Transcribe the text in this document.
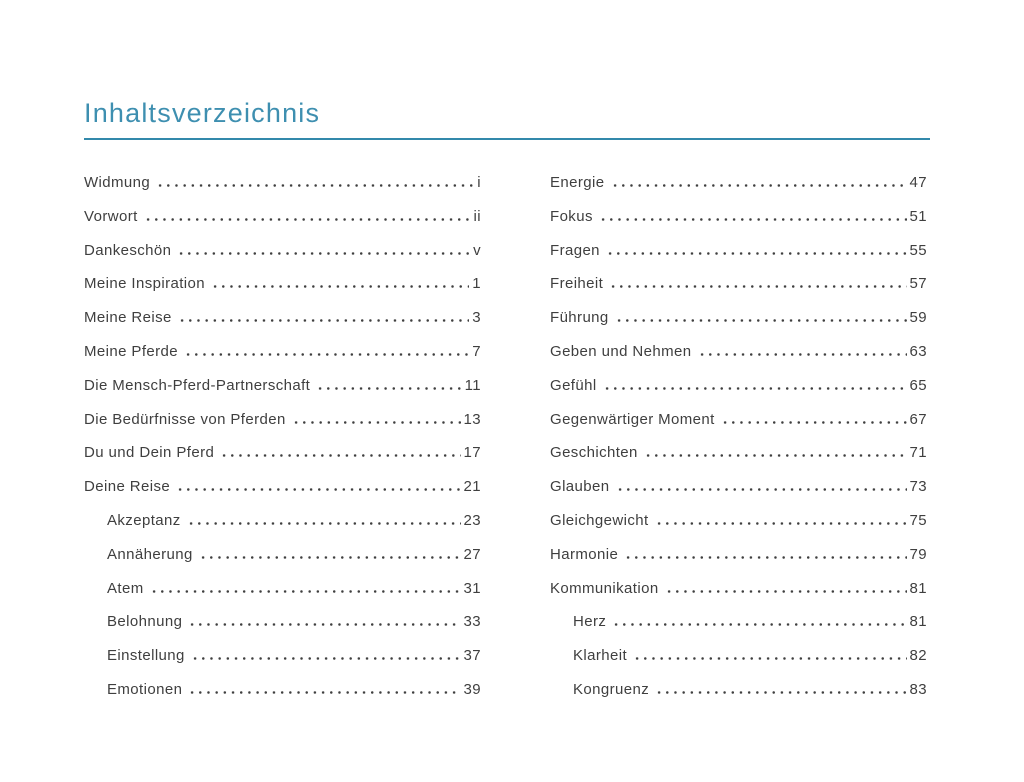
Inhaltsverzeichnis
Widmung	i
Vorwort	ii
Dankeschön	v
Meine Inspiration	1
Meine Reise	3
Meine Pferde	7
Die Mensch-Pferd-Partnerschaft	11
Die Bedürfnisse von Pferden	13
Du und Dein Pferd	17
Deine Reise	21
Akzeptanz	23
Annäherung	27
Atem	31
Belohnung	33
Einstellung	37
Emotionen	39
Energie	47
Fokus	51
Fragen	55
Freiheit	57
Führung	59
Geben und Nehmen	63
Gefühl	65
Gegenwärtiger Moment	67
Geschichten	71
Glauben	73
Gleichgewicht	75
Harmonie	79
Kommunikation	81
Herz	81
Klarheit	82
Kongruenz	83
